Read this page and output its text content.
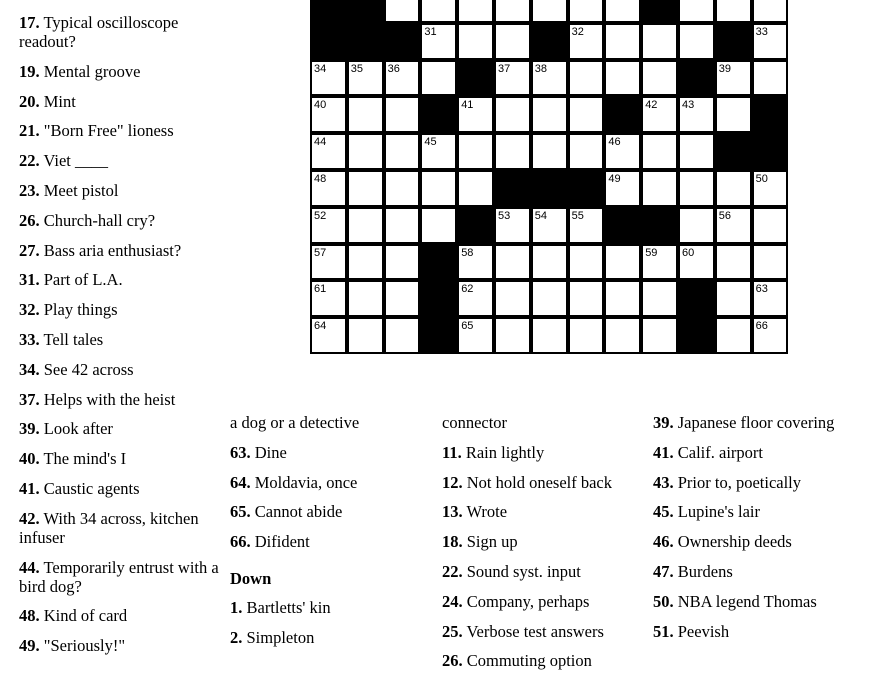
17. Typical oscilloscope readout?
19. Mental groove
20. Mint
21. "Born Free" lioness
22. Viet ____
23. Meet pistol
26. Church-hall cry?
27. Bass aria enthusiast?
31. Part of L.A.
32. Play things
33. Tell tales
34. See 42 across
37. Helps with the heist
39. Look after
40. The mind's I
41. Caustic agents
42. With 34 across, kitchen infuser
44. Temporarily entrust with a bird dog?
48. Kind of card
49. "Seriously!"
a dog or a detective
63. Dine
64. Moldavia, once
65. Cannot abide
66. Difident
Down
1. Bartletts' kin
2. Simpleton
connector
11. Rain lightly
12. Not hold oneself back
13. Wrote
18. Sign up
22. Sound syst. input
24. Company, perhaps
25. Verbose test answers
26. Commuting option
39. Japanese floor covering
41. Calif. airport
43. Prior to, poetically
45. Lupine's lair
46. Ownership deeds
47. Burdens
50. NBA legend Thomas
51. Peevish
31	32	33
34 35 36	37 38	39
40	41	42 43
44	45	46	47
48	49	50
52	53 54 55	56
57	58	59 60
61	62	63
64	65	66
